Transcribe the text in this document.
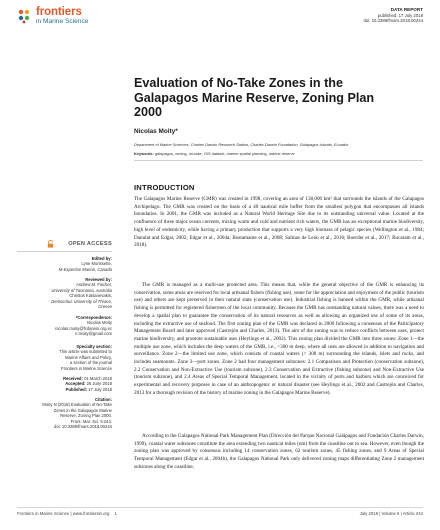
frontiers
in Marine Science
DATA REPORT
published: 17 July 2018
doi: 10.3389/fmars.2018.00244
Evaluation of No-Take Zones in the Galapagos Marine Reserve, Zoning Plan 2000
Nicolas Moity*
Department of Marine Sciences, Charles Darwin Research Station, Charles Darwin Foundation, Galapagos Islands, Ecuador
Keywords: galapagos, zoning, no-take, GIS dataset, marine spatial planning, marine reserve
INTRODUCTION
The Galapagos Marine Reserve (GMR) was created in 1998, covering an area of 138,000 km² that surrounds the islands of the Galapagos Archipelago. The GMR was created on the basis of a 40 nautical mile buffer from the smallest polygon that encompasses all islands boundaries. In 2001, the GMR was included as a Natural World Heritage Site due to its outstanding universal value. Located at the confluence of three major ocean currents, mixing warm and cold and nutrient rich waters, the GMR has an exceptional marine biodiversity, high level of endemicity, while having a primary production that supports a very high biomass of pelagic species (Wellington et al., 1984; Danulat and Edgar, 2002; Edgar et al., 2004a; Bustamante et al., 2008; Salinas de León et al., 2016; Boerder et al., 2017; Bucaram et al., 2018).
The GMR is managed as a multi-use protected area. This means that, while the general objective of the GMR is enhancing its conservation, some areas are reserved for local artisanal fishers (fishing use), some for the appreciation and enjoyment of the public (tourism use) and others are kept preserved in their natural state (conservation use). Industrial fishing is banned within the GMR, while artisanal fishing is permitted for registered fishermen of the local community. Because the GMR has outstanding natural values, there was a need to develop a spatial plan to guarantee the conservation of its natural resources as well as allowing an organized use of some of its areas, including the extractive use of seafood. The first zoning plan of the GMR was declared in 2000 following a consensus of the Participatory Management Board and later approved (Castrejón and Charles, 2013). The aim of the zoning was to reduce conflicts between uses, protect marine biodiversity, and promote sustainable uses (Heylings et al., 2002). This zoning plan divided the GMR into three zones: Zone 1—the multiple use zone, which includes the deep waters of the GMR, i.e., >300 m deep, where all uses are allowed in addition to navigation and surveillance. Zone 2—the limited use zone, which consists of coastal waters (< 300 m) surrounding the islands, islets and rocks, and includes seamounts. Zone 3—port zones. Zone 2 had four management subzones: 2.1 Comparison and Protection (conservation subzone), 2.2 Conservation and Non-Extractive Use (tourism subzone), 2.3 Conservation and Extractive (fishing subzone) and Non-Extractive Use (tourism subzone), and 2.4 Areas of Special Temporal Management, located in the vicinity of ports and harbors which are conceived for experimental and recovery purposes in case of an anthropogenic or natural disaster (see Heylings et al., 2002 and Castrejón and Charles, 2013 for a thorough revision of the history of marine zoning in the Galapagos Marine Reserve).
According to the Galapagos National Park Management Plan (Dirección del Parque Nacional Galápagos and Fundación Charles Darwin, 1999), coastal water subzones constitute the area extending two nautical miles (nm) from the coastline out to sea. However, even though the zoning plan was approved by consensus including 14 conservation zones, 62 tourism zones, 45 fishing zones, and 9 Areas of Special Temporal Management (Edgar et al., 2004b), the Galapagos National Park only delivered zoning maps differentiating Zone 2 management subzones along the coastline,
OPEN ACCESS
Edited by:
Lyne Morissette,
M-Expertise Marine, Canada
Reviewed by:
Andrew M. Fischer,
University of Tasmania, Australia
Christos Katsanevakis,
Democritus University of Thrace,
Greece
*Correspondence:
Nicolas Moity
nicolas.moity@fcdarwin.org.ec
n.moity@gmail.com
Specialty section:
This article was submitted to
Marine Affairs and Policy,
a section of the journal
Frontiers in Marine Science
Received: 01 March 2018
Accepted: 26 June 2018
Published: 17 July 2018
Citation:
Moity N (2018) Evaluation of No-Take
Zones in the Galapagos Marine
Reserve, Zoning Plan 2000.
Front. Mar. Sci. 5:244.
doi: 10.3389/fmars.2018.00244
Frontiers in Marine Science | www.frontiersin.org 1	July 2018 | Volume 5 | Article 244
